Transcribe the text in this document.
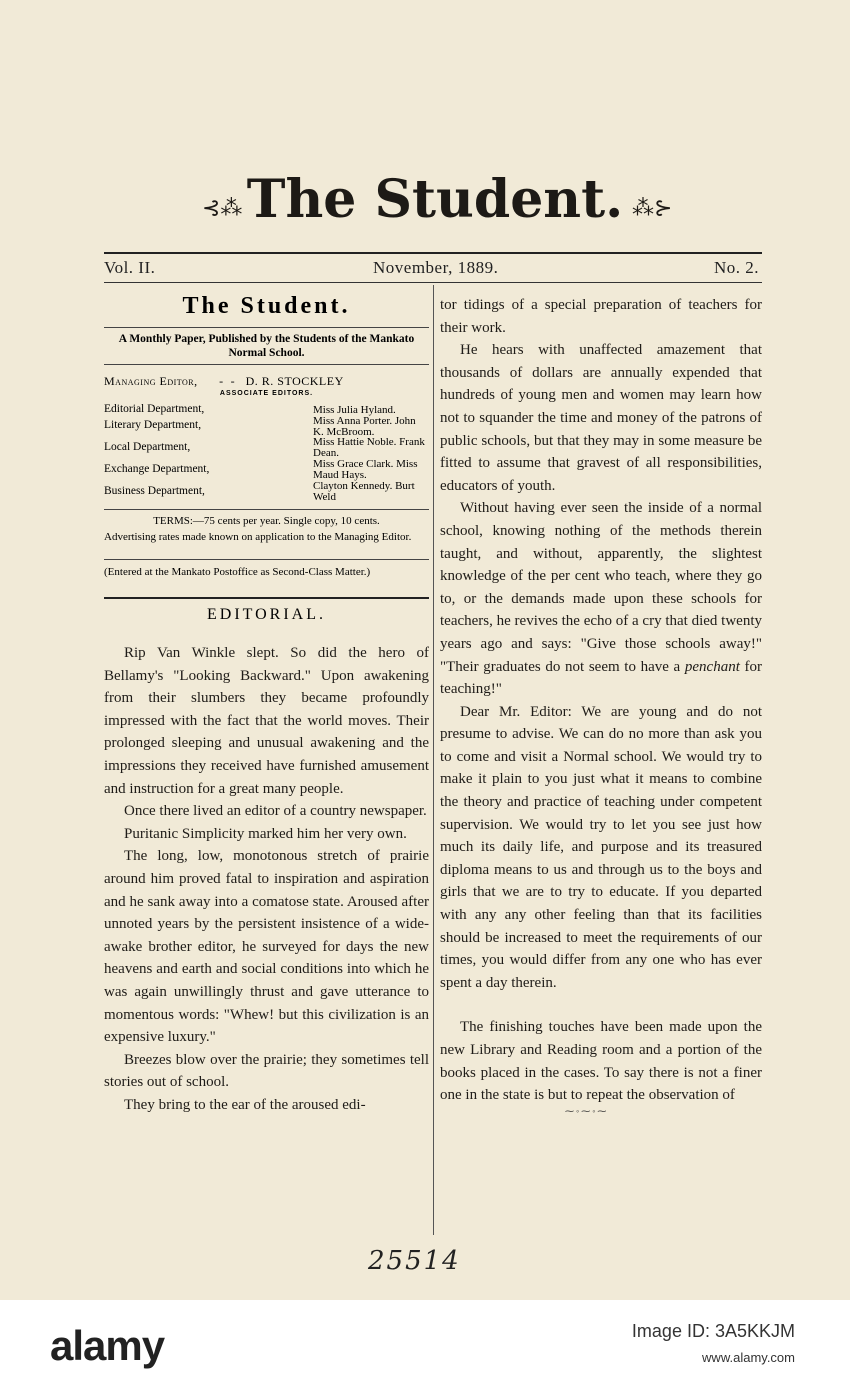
⊰⁂ The Student. ⁂⊱
Vol. II.	November, 1889.	No. 2.
The Student.
A Monthly Paper, Published by the Students of the Mankato Normal School.
Managing Editor, -  -   D. R. STOCKLEY
ASSOCIATE EDITORS.
Editorial Department,	Miss Julia Hyland.
Literary Department,	Miss Anna Porter. John K. McBroom.
Local Department,	Miss Hattie Noble. Frank Dean.
Exchange Department,	Miss Grace Clark. Miss Maud Hays.
Business Department,	Clayton Kennedy. Burt Weld
TERMS:—75 cents per year. Single copy, 10 cents.
Advertising rates made known on application to the Managing Editor.
(Entered at the Mankato Postoffice as Second-Class Matter.)
EDITORIAL.

Rip Van Winkle slept. So did the hero of Bellamy's "Looking Backward." Upon awakening from their slumbers they became profoundly impressed with the fact that the world moves. Their prolonged sleeping and unusual awakening and the impressions they received have furnished amusement and instruction for a great many people.

Once there lived an editor of a country newspaper.

Puritanic Simplicity marked him her very own.

The long, low, monotonous stretch of prairie around him proved fatal to inspiration and aspiration and he sank away into a comatose state. Aroused after unnoted years by the persistent insistence of a wide-awake brother editor, he surveyed for days the new heavens and earth and social conditions into which he was again unwillingly thrust and gave utterance to momentous words: "Whew! but this civilization is an expensive luxury."

Breezes blow over the prairie; they sometimes tell stories out of school.

They bring to the ear of the aroused edi-

tor tidings of a special preparation of teachers for their work.

He hears with unaffected amazement that thousands of dollars are annually expended that hundreds of young men and women may learn how not to squander the time and money of the patrons of public schools, but that they may in some measure be fitted to assume that gravest of all responsibilities, educators of youth.

Without having ever seen the inside of a normal school, knowing nothing of the methods therein taught, and without, apparently, the slightest knowledge of the per cent who teach, where they go to, or the demands made upon these schools for teachers, he revives the echo of a cry that died twenty years ago and says: "Give those schools away!" "Their graduates do not seem to have a penchant for teaching!"

Dear Mr. Editor: We are young and do not presume to advise. We can do no more than ask you to come and visit a Normal school. We would try to make it plain to you just what it means to combine the theory and practice of teaching under competent supervision. We would try to let you see just how much its daily life, and purpose and its treasured diploma means to us and through us to the boys and girls that we are to try to educate. If you departed with any any other feeling than that its facilities should be increased to meet the requirements of our times, you would differ from any one who has ever spent a day therein.

The finishing touches have been made upon the new Library and Reading room and a portion of the books placed in the cases. To say there is not a finer one in the state is but to repeat the observation of

⁓◦⁓◦⁓
25514
alamy	Image ID: 3A5KKJM
www.alamy.com
